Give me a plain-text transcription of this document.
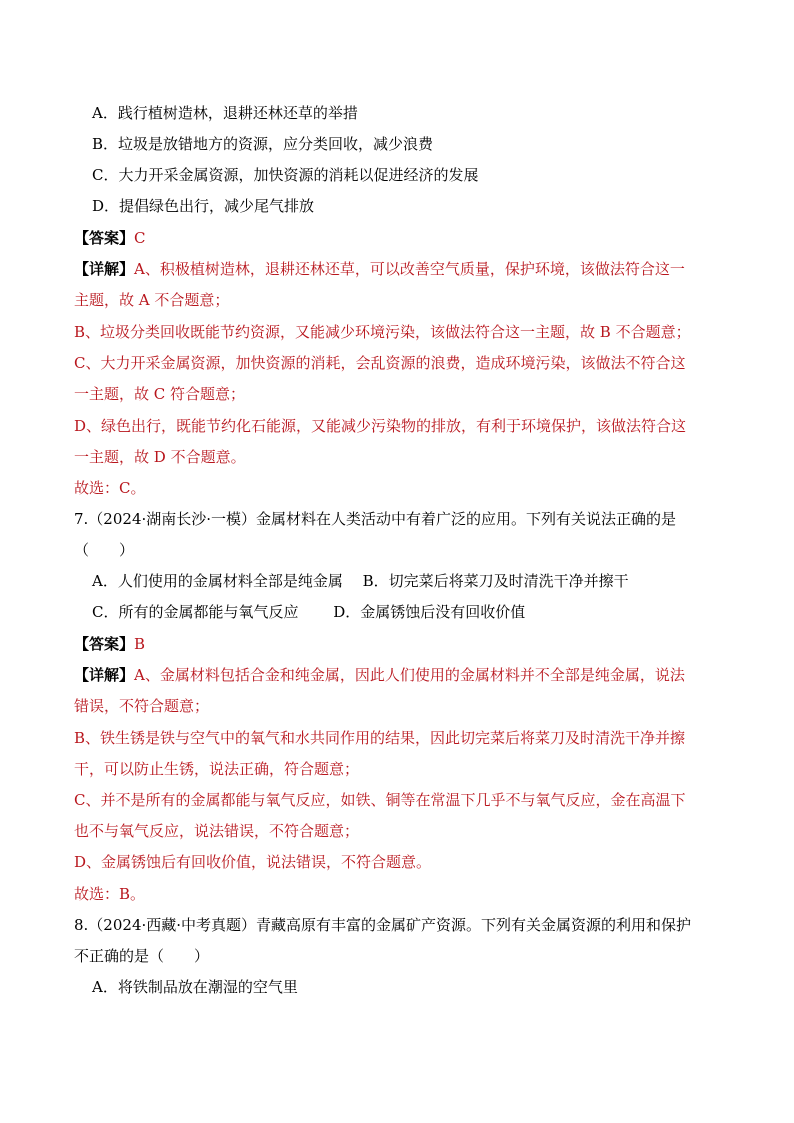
A．践行植树造林，退耕还林还草的举措
B．垃圾是放错地方的资源，应分类回收，减少浪费
C．大力开采金属资源，加快资源的消耗以促进经济的发展
D．提倡绿色出行，减少尾气排放
【答案】C
【详解】A、积极植树造林，退耕还林还草，可以改善空气质量，保护环境，该做法符合这一
主题，故 A 不合题意；
B、垃圾分类回收既能节约资源，又能减少环境污染，该做法符合这一主题，故 B 不合题意；
C、大力开采金属资源，加快资源的消耗，会乱资源的浪费，造成环境污染，该做法不符合这
一主题，故 C 符合题意；
D、绿色出行，既能节约化石能源，又能减少污染物的排放，有利于环境保护，该做法符合这
一主题，故 D 不合题意。
故选：C。
7.（2024·湖南长沙·一模）金属材料在人类活动中有着广泛的应用。下列有关说法正确的是
（　　）
A．人们使用的金属材料全部是纯金属　 B．切完菜后将菜刀及时清洗干净并擦干
C．所有的金属都能与氧气反应　　 D．金属锈蚀后没有回收价值
【答案】B
【详解】A、金属材料包括合金和纯金属，因此人们使用的金属材料并不全部是纯金属，说法
错误，不符合题意；
B、铁生锈是铁与空气中的氧气和水共同作用的结果，因此切完菜后将菜刀及时清洗干净并擦
干，可以防止生锈，说法正确，符合题意；
C、并不是所有的金属都能与氧气反应，如铁、铜等在常温下几乎不与氧气反应，金在高温下
也不与氧气反应，说法错误，不符合题意；
D、金属锈蚀后有回收价值，说法错误，不符合题意。
故选：B。
8.（2024·西藏·中考真题）青藏高原有丰富的金属矿产资源。下列有关金属资源的利用和保护
不正确的是（　　）
A．将铁制品放在潮湿的空气里
